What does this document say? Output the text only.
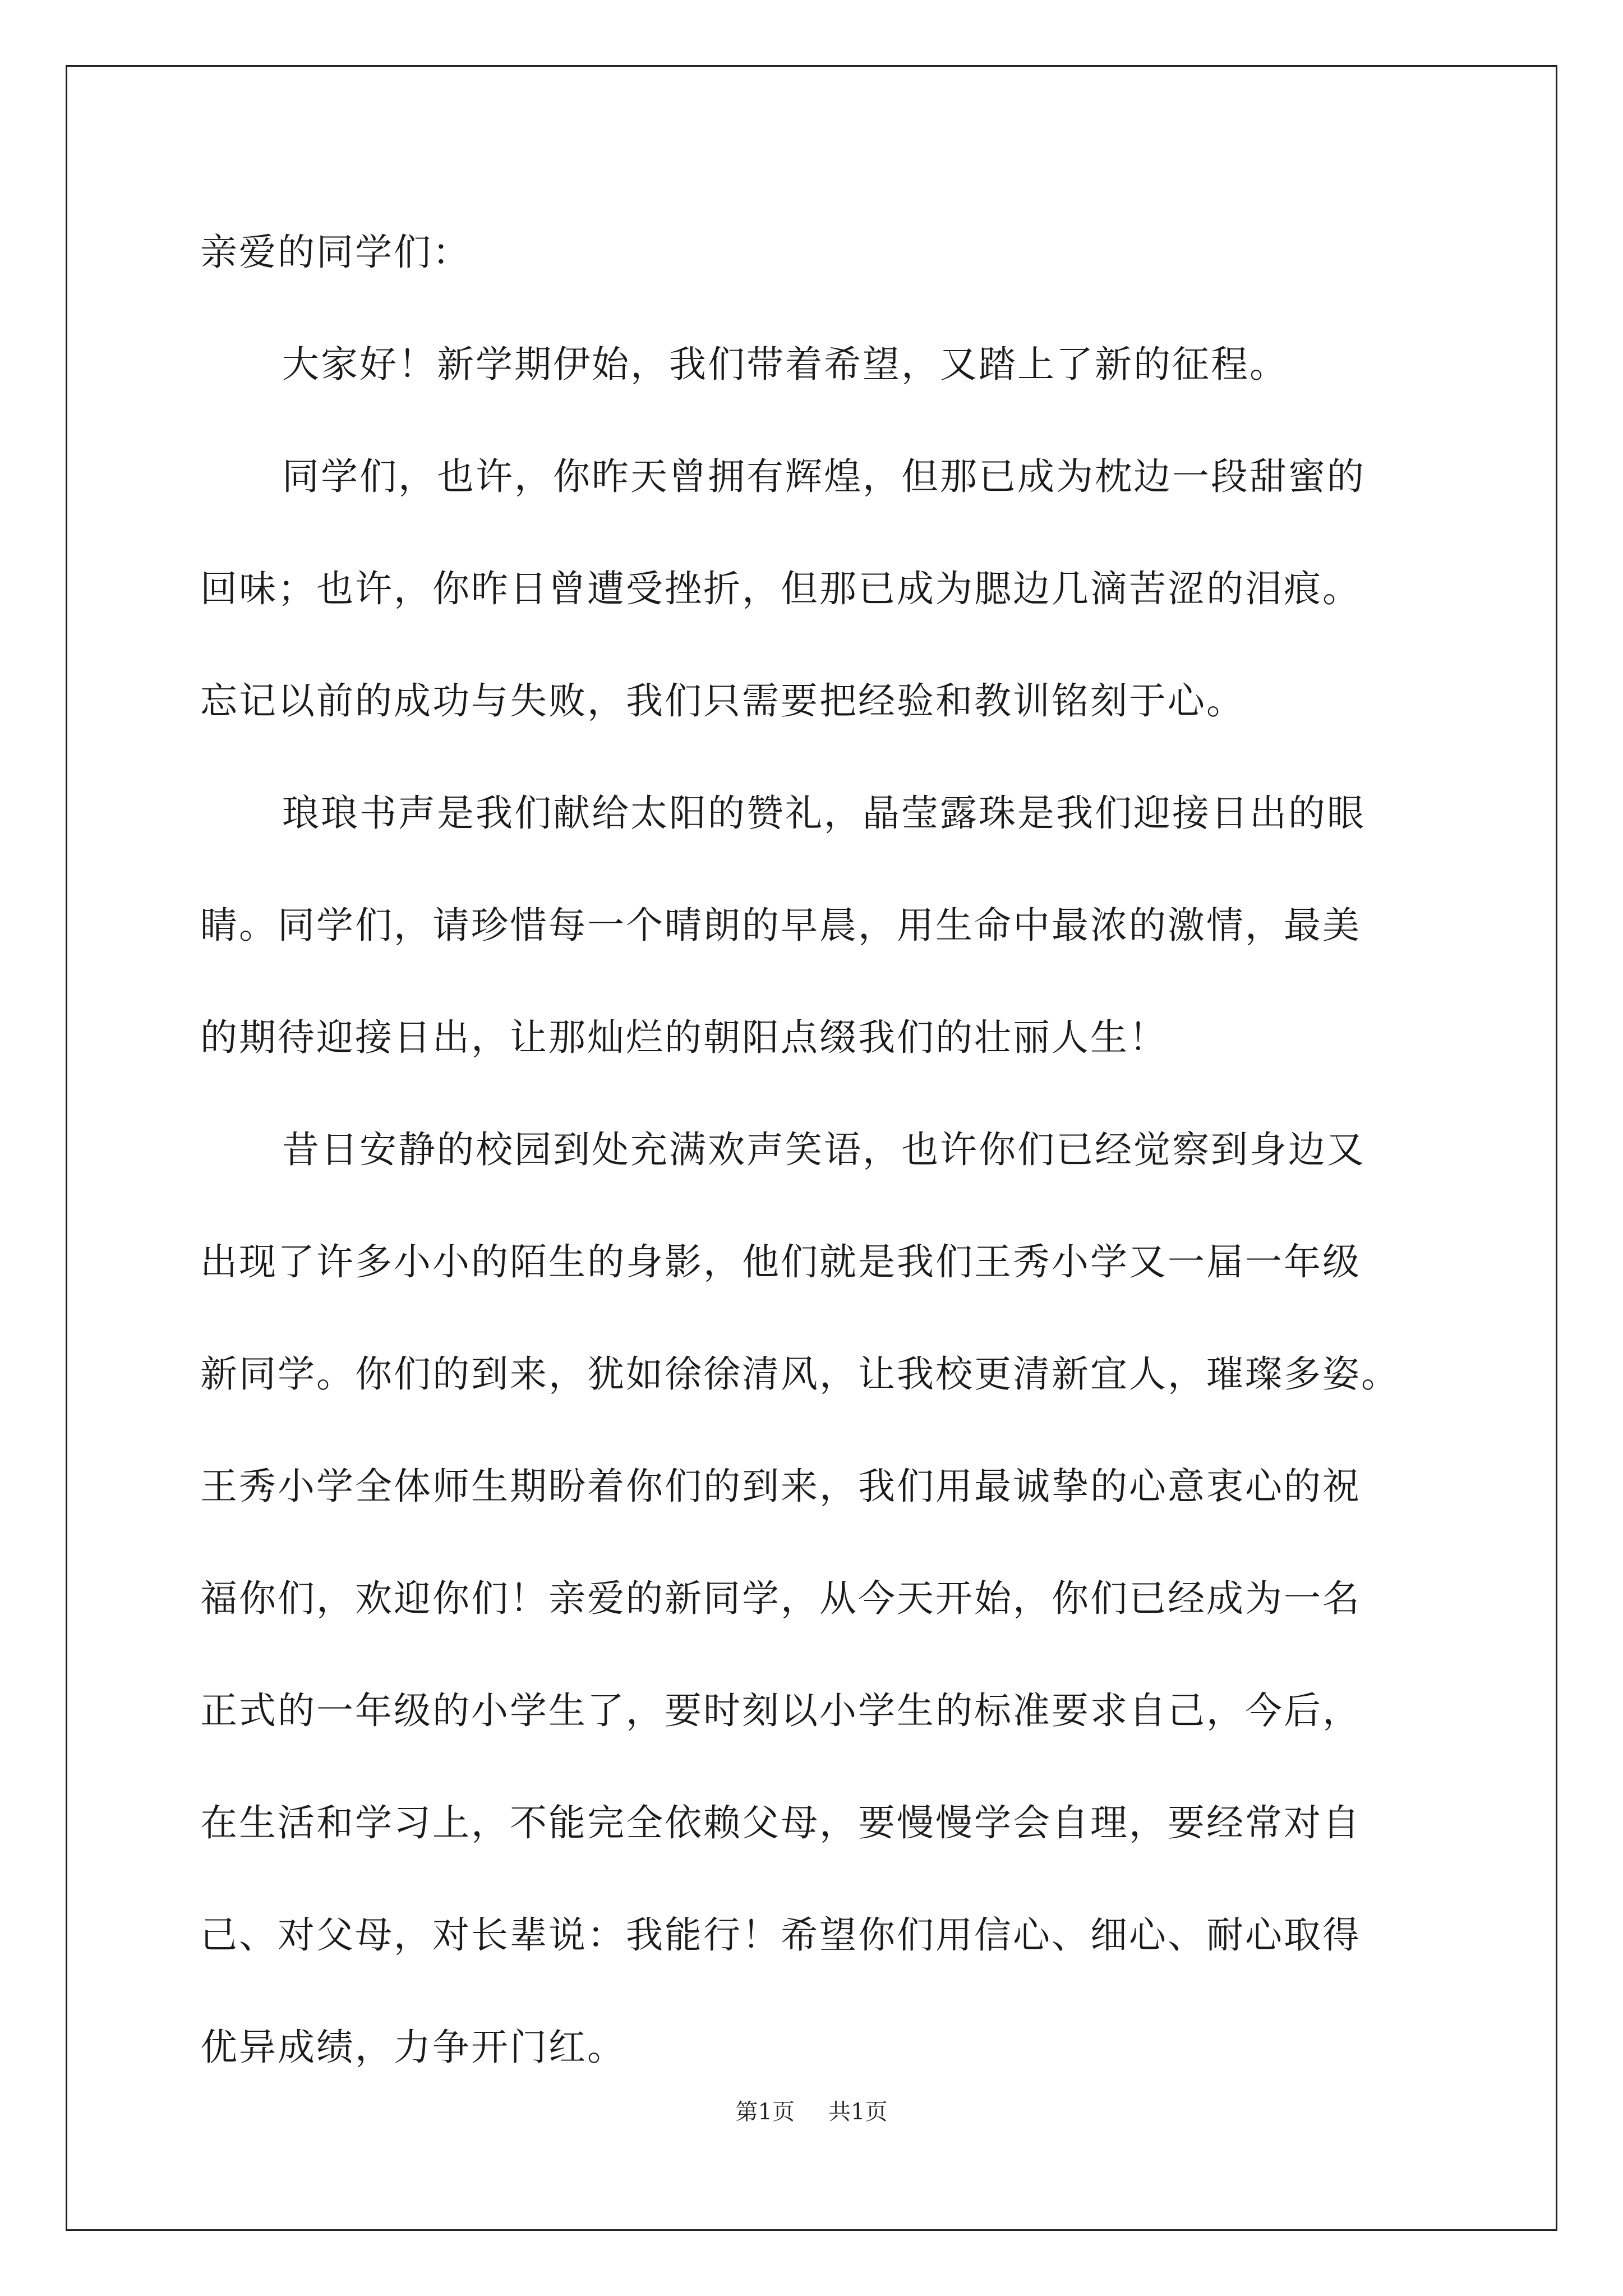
亲爱的同学们：
大家好！新学期伊始，我们带着希望，又踏上了新的征程。
同学们，也许，你昨天曾拥有辉煌，但那已成为枕边一段甜蜜的
回味；也许，你昨日曾遭受挫折，但那已成为腮边几滴苦涩的泪痕。
忘记以前的成功与失败，我们只需要把经验和教训铭刻于心。
琅琅书声是我们献给太阳的赞礼，晶莹露珠是我们迎接日出的眼
睛。同学们，请珍惜每一个晴朗的早晨，用生命中最浓的激情，最美
的期待迎接日出，让那灿烂的朝阳点缀我们的壮丽人生！
昔日安静的校园到处充满欢声笑语，也许你们已经觉察到身边又
出现了许多小小的陌生的身影，他们就是我们王秀小学又一届一年级
新同学。你们的到来，犹如徐徐清风，让我校更清新宜人，璀璨多姿。
王秀小学全体师生期盼着你们的到来，我们用最诚挚的心意衷心的祝
福你们，欢迎你们！亲爱的新同学，从今天开始，你们已经成为一名
正式的一年级的小学生了，要时刻以小学生的标准要求自己，今后，
在生活和学习上，不能完全依赖父母，要慢慢学会自理，要经常对自
己、对父母，对长辈说：我能行！希望你们用信心、细心、耐心取得
优异成绩，力争开门红。
第1页 共1页
